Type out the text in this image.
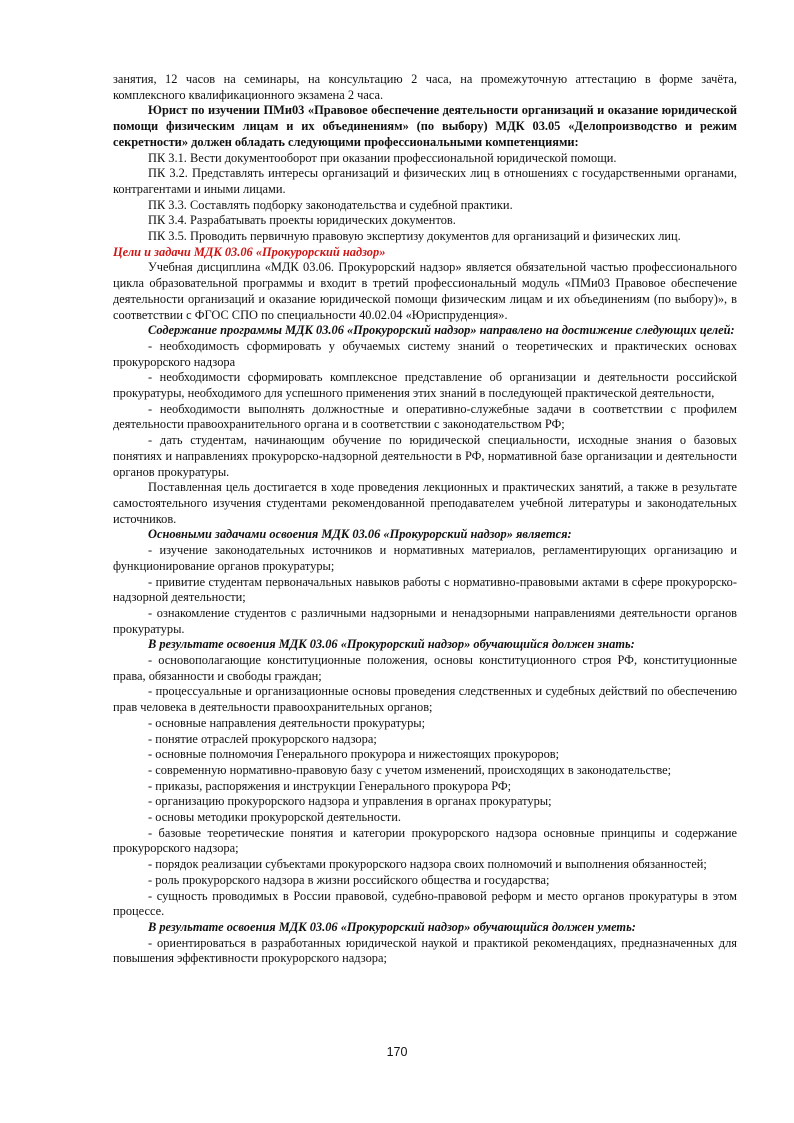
занятия, 12 часов на семинары, на консультацию 2 часа, на промежуточную аттестацию в форме зачёта, комплексного квалификационного экзамена 2 часа.

Юрист по изучении ПМи03 «Правовое обеспечение деятельности организаций и оказание юридической помощи физическим лицам и их объединениям» (по выбору) МДК 03.05 «Делопроизводство и режим секретности» должен обладать следующими профессиональными компетенциями:

ПК 3.1. Вести документооборот при оказании профессиональной юридической помощи.

ПК 3.2. Представлять интересы организаций и физических лиц в отношениях с государственными органами, контрагентами и иными лицами.

ПК 3.3. Составлять подборку законодательства и судебной практики.

ПК 3.4. Разрабатывать проекты юридических документов.

ПК 3.5. Проводить первичную правовую экспертизу документов для организаций и физических лиц.

Цели и задачи МДК 03.06 «Прокурорский надзор»

Учебная дисциплина «МДК 03.06. Прокурорский надзор» является обязательной частью профессионального цикла образовательной программы и входит в третий профессиональный модуль «ПМи03 Правовое обеспечение деятельности организаций и оказание юридической помощи физическим лицам и их объединениям (по выбору)», в соответствии с ФГОС СПО по специальности 40.02.04 «Юриспруденция».

Содержание программы МДК 03.06 «Прокурорский надзор» направлено на достижение следующих целей:

- необходимость сформировать у обучаемых систему знаний о теоретических и практических основах прокурорского надзора

- необходимости сформировать комплексное представление об организации и деятельности российской прокуратуры, необходимого для успешного применения этих знаний в последующей практической деятельности,

- необходимости выполнять должностные и оперативно-служебные задачи в соответствии с профилем деятельности правоохранительного органа и в соответствии с законодательством РФ;

- дать студентам, начинающим обучение по юридической специальности, исходные знания о базовых понятиях и направлениях прокурорско-надзорной деятельности в РФ, нормативной базе организации и деятельности органов прокуратуры.

Поставленная цель достигается в ходе проведения лекционных и практических занятий, а также в результате самостоятельного изучения студентами рекомендованной преподавателем учебной литературы и законодательных источников.

Основными задачами освоения МДК 03.06 «Прокурорский надзор» является:

- изучение законодательных источников и нормативных материалов, регламентирующих организацию и функционирование органов прокуратуры;

- привитие студентам первоначальных навыков работы с нормативно-правовыми актами в сфере прокурорско-надзорной деятельности;

- ознакомление студентов с различными надзорными и ненадзорными направлениями деятельности органов прокуратуры.

В результате освоения МДК 03.06 «Прокурорский надзор» обучающийся должен знать:

- основополагающие конституционные положения, основы конституционного строя РФ, конституционные права, обязанности и свободы граждан;

- процессуальные и организационные основы проведения следственных и судебных действий по обеспечению прав человека в деятельности правоохранительных органов;

- основные направления деятельности прокуратуры;

- понятие отраслей прокурорского надзора;

- основные полномочия Генерального прокурора и нижестоящих прокуроров;

- современную нормативно-правовую базу с учетом изменений, происходящих в законодательстве;

- приказы, распоряжения и инструкции Генерального прокурора РФ;

- организацию прокурорского надзора и управления в органах прокуратуры;

- основы методики прокурорской деятельности.

- базовые теоретические понятия и категории прокурорского надзора основные принципы и содержание прокурорского надзора;

- порядок реализации субъектами прокурорского надзора своих полномочий и выполнения обязанностей;

- роль прокурорского надзора в жизни российского общества и государства;

- сущность проводимых в России правовой, судебно-правовой реформ и место органов прокуратуры в этом процессе.

В результате освоения МДК 03.06 «Прокурорский надзор» обучающийся должен уметь:

- ориентироваться в разработанных юридической наукой и практикой рекомендациях, предназначенных для повышения эффективности прокурорского надзора;

170
